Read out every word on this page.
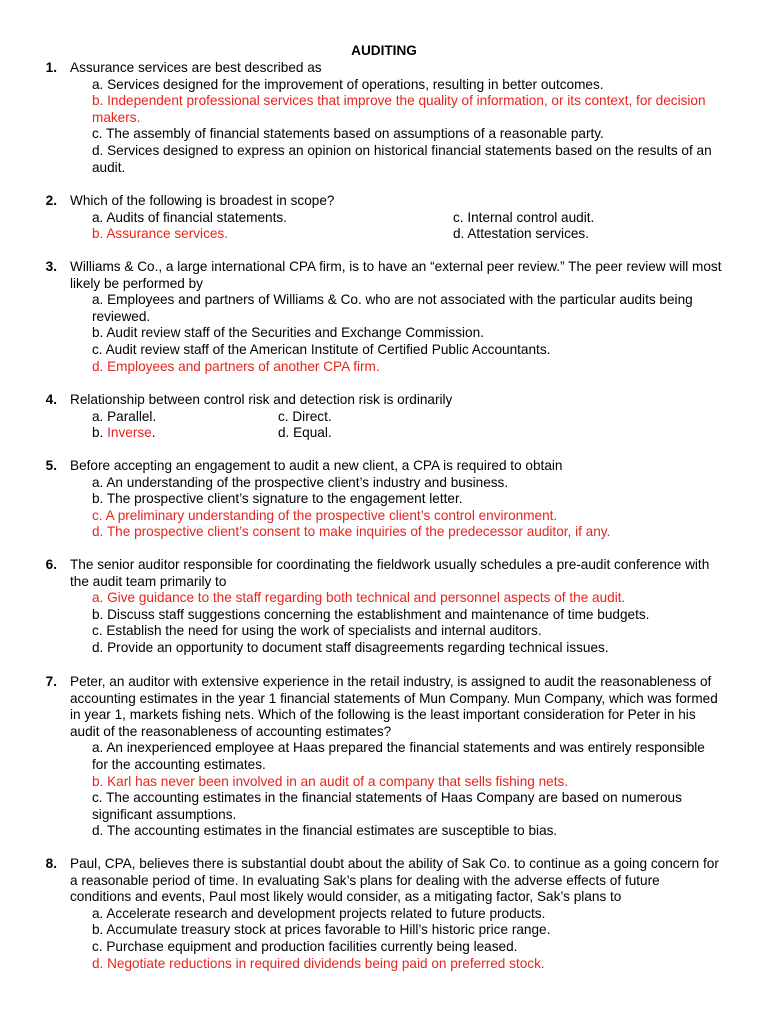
AUDITING
1. Assurance services are best described as
a. Services designed for the improvement of operations, resulting in better outcomes.
b. Independent professional services that improve the quality of information, or its context, for decision makers.
c. The assembly of financial statements based on assumptions of a reasonable party.
d. Services designed to express an opinion on historical financial statements based on the results of an audit.
2. Which of the following is broadest in scope?
a. Audits of financial statements.	c. Internal control audit.
b. Assurance services.	d. Attestation services.
3. Williams & Co., a large international CPA firm, is to have an “external peer review.” The peer review will most likely be performed by
a. Employees and partners of Williams & Co. who are not associated with the particular audits being reviewed.
b. Audit review staff of the Securities and Exchange Commission.
c. Audit review staff of the American Institute of Certified Public Accountants.
d. Employees and partners of another CPA firm.
4. Relationship between control risk and detection risk is ordinarily
a. Parallel.	c. Direct.
b. Inverse.	d. Equal.
5. Before accepting an engagement to audit a new client, a CPA is required to obtain
a. An understanding of the prospective client’s industry and business.
b. The prospective client’s signature to the engagement letter.
c. A preliminary understanding of the prospective client’s control environment.
d. The prospective client’s consent to make inquiries of the predecessor auditor, if any.
6. The senior auditor responsible for coordinating the fieldwork usually schedules a pre-audit conference with the audit team primarily to
a. Give guidance to the staff regarding both technical and personnel aspects of the audit.
b. Discuss staff suggestions concerning the establishment and maintenance of time budgets.
c. Establish the need for using the work of specialists and internal auditors.
d. Provide an opportunity to document staff disagreements regarding technical issues.
7. Peter, an auditor with extensive experience in the retail industry, is assigned to audit the reasonableness of accounting estimates in the year 1 financial statements of Mun Company. Mun Company, which was formed in year 1, markets fishing nets. Which of the following is the least important consideration for Peter in his audit of the reasonableness of accounting estimates?
a. An inexperienced employee at Haas prepared the financial statements and was entirely responsible for the accounting estimates.
b. Karl has never been involved in an audit of a company that sells fishing nets.
c. The accounting estimates in the financial statements of Haas Company are based on numerous significant assumptions.
d. The accounting estimates in the financial estimates are susceptible to bias.
8. Paul, CPA, believes there is substantial doubt about the ability of Sak Co. to continue as a going concern for a reasonable period of time. In evaluating Sak’s plans for dealing with the adverse effects of future conditions and events, Paul most likely would consider, as a mitigating factor, Sak’s plans to
a. Accelerate research and development projects related to future products.
b. Accumulate treasury stock at prices favorable to Hill’s historic price range.
c. Purchase equipment and production facilities currently being leased.
d. Negotiate reductions in required dividends being paid on preferred stock.
